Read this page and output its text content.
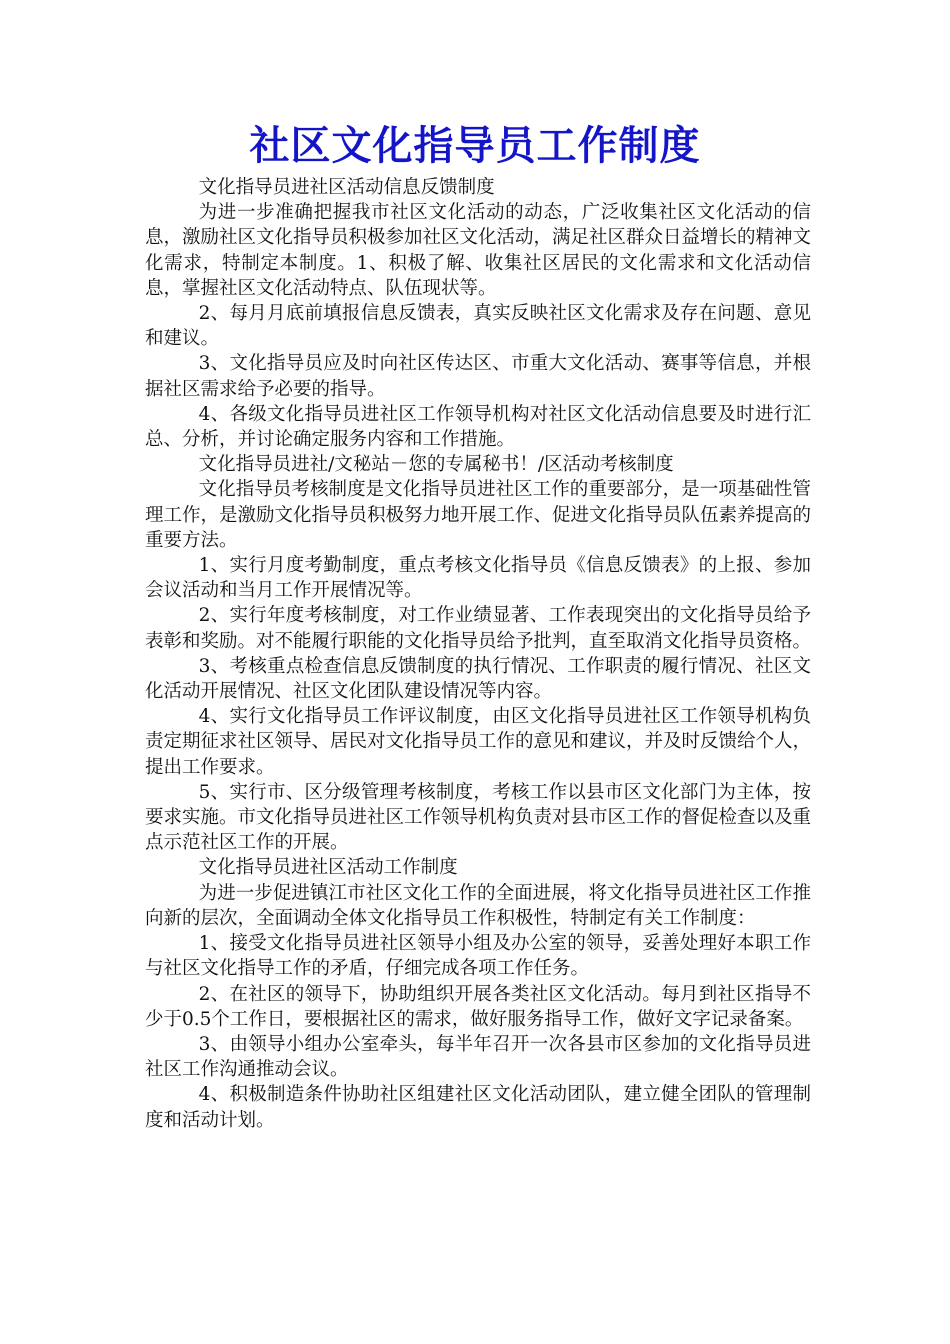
社区文化指导员工作制度

文化指导员进社区活动信息反馈制度

为进一步准确把握我市社区文化活动的动态，广泛收集社区文化活动的信息，激励社区文化指导员积极参加社区文化活动，满足社区群众日益增长的精神文化需求，特制定本制度。1、积极了解、收集社区居民的文化需求和文化活动信息，掌握社区文化活动特点、队伍现状等。

2、每月月底前填报信息反馈表，真实反映社区文化需求及存在问题、意见和建议。

3、文化指导员应及时向社区传达区、市重大文化活动、赛事等信息，并根据社区需求给予必要的指导。

4、各级文化指导员进社区工作领导机构对社区文化活动信息要及时进行汇总、分析，并讨论确定服务内容和工作措施。

文化指导员进社/文秘站－您的专属秘书！/区活动考核制度

文化指导员考核制度是文化指导员进社区工作的重要部分，是一项基础性管理工作，是激励文化指导员积极努力地开展工作、促进文化指导员队伍素养提高的重要方法。

1、实行月度考勤制度，重点考核文化指导员《信息反馈表》的上报、参加会议活动和当月工作开展情况等。

2、实行年度考核制度，对工作业绩显著、工作表现突出的文化指导员给予表彰和奖励。对不能履行职能的文化指导员给予批判，直至取消文化指导员资格。

3、考核重点检查信息反馈制度的执行情况、工作职责的履行情况、社区文化活动开展情况、社区文化团队建设情况等内容。

4、实行文化指导员工作评议制度，由区文化指导员进社区工作领导机构负责定期征求社区领导、居民对文化指导员工作的意见和建议，并及时反馈给个人，提出工作要求。

5、实行市、区分级管理考核制度，考核工作以县市区文化部门为主体，按要求实施。市文化指导员进社区工作领导机构负责对县市区工作的督促检查以及重点示范社区工作的开展。

文化指导员进社区活动工作制度

为进一步促进镇江市社区文化工作的全面进展，将文化指导员进社区工作推向新的层次，全面调动全体文化指导员工作积极性，特制定有关工作制度：

1、接受文化指导员进社区领导小组及办公室的领导，妥善处理好本职工作与社区文化指导工作的矛盾，仔细完成各项工作任务。

2、在社区的领导下，协助组织开展各类社区文化活动。每月到社区指导不少于0.5个工作日，要根据社区的需求，做好服务指导工作，做好文字记录备案。

3、由领导小组办公室牵头，每半年召开一次各县市区参加的文化指导员进社区工作沟通推动会议。

4、积极制造条件协助社区组建社区文化活动团队，建立健全团队的管理制度和活动计划。
